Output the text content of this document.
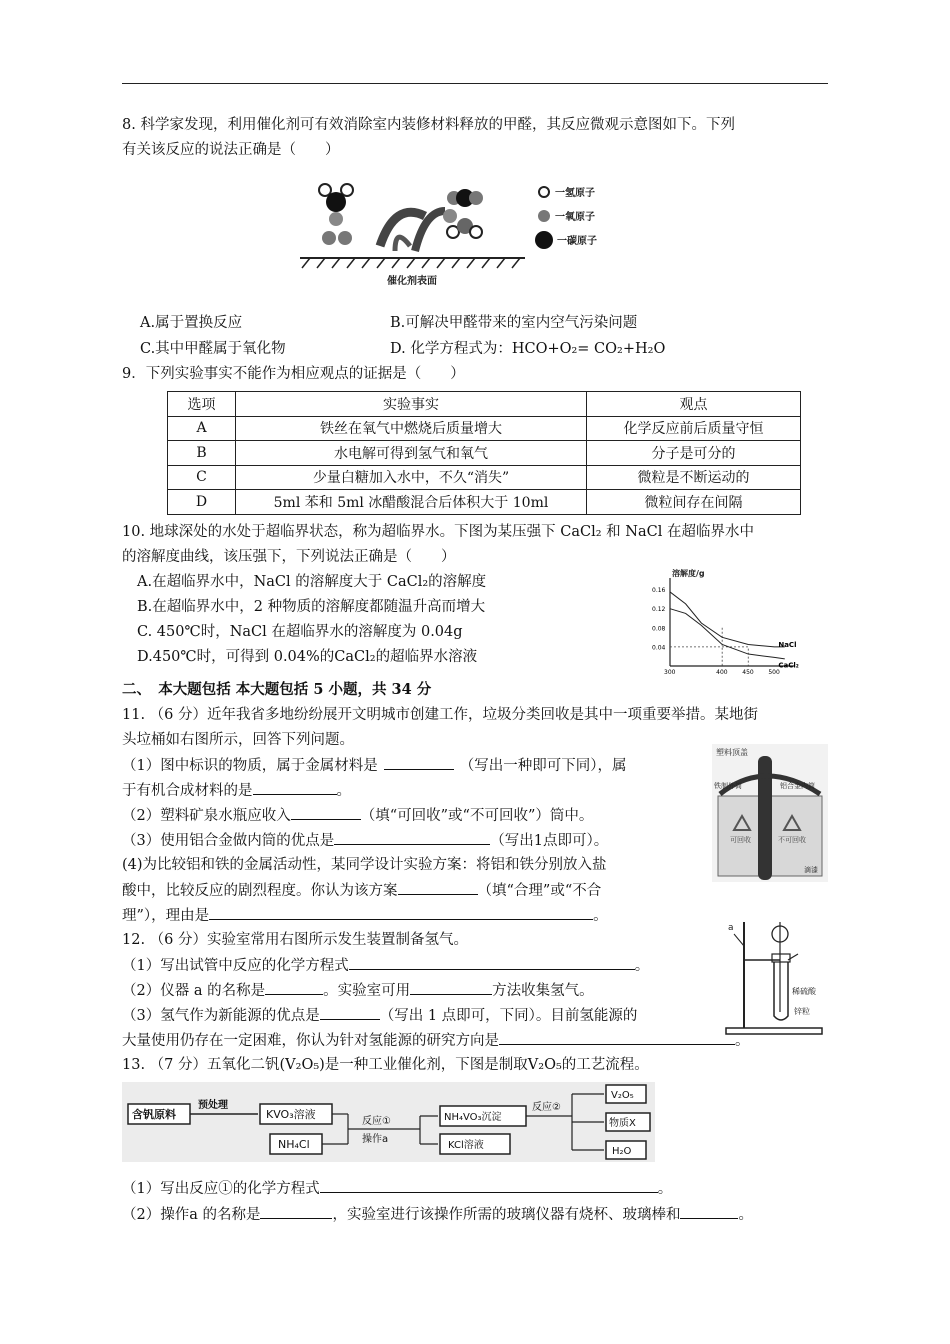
8. 科学家发现，利用催化剂可有效消除室内装修材料释放的甲醛，其反应微观示意图如下。下列
有关该反应的说法正确是（　　）
催化剂表面
一氢原子
一氧原子
一碳原子
A.属于置换反应	B.可解决甲醛带来的室内空气污染问题
C.其中甲醛属于氧化物	D. 化学方程式为：HCO+O₂= CO₂+H₂O
9．下列实验事实不能作为相应观点的证据是（　　）
选项	实验事实	观点
A	铁丝在氧气中燃烧后质量增大	化学反应前后质量守恒
B	水电解可得到氢气和氧气	分子是可分的
C	少量白糖加入水中，不久“消失”	微粒是不断运动的
D	5ml 苯和 5ml 冰醋酸混合后体积大于 10ml	微粒间存在间隔
10. 地球深处的水处于超临界状态，称为超临界水。下图为某压强下 CaCl₂ 和 NaCl 在超临界水中
的溶解度曲线，该压强下，下列说法正确是（　　）
A.在超临界水中，NaCl 的溶解度大于 CaCl₂的溶解度
B.在超临界水中，2 种物质的溶解度都随温升高而增大
C. 450℃时，NaCl 在超临界水的溶解度为 0.04g
D.450℃时，可得到 0.04%的CaCl₂的超临界水溶液
溶解度/g
0.04
0.08
0.12
0.16
300	400 450 500
NaCl
CaCl₂
二、　本大题包括 本大题包括 5 小题，共 34 分
11. （6 分）近年我省多地纷纷展开文明城市创建工作，垃圾分类回收是其中一项重要举措。某地街
头垃桶如右图所示，回答下列问题。
（1）图中标识的物质，属于金属材料是	（写出一种即可下同），属
于有机合成材料的是	。
（2）塑料矿泉水瓶应收入	（填“可回收”或“不可回收”）筒中。
（3）使用铝合金做内筒的优点是	（写出1点即可）。
(4)为比较铝和铁的金属活动性，某同学设计实验方案：将铝和铁分别放入盐
酸中，比较反应的剧烈程度。你认为该方案	（填“合理”或“不合
理”），理由是	。
塑料顶盖
铁制外筒	铝合金内筒
可回收	不可回收
滴漆
12. （6 分）实验室常用右图所示发生装置制备氢气。
（1）写出试管中反应的化学方程式	。
（2）仪器 a 的名称是	。实验室可用	方法收集氢气。
（3）氢气作为新能源的优点是	（写出 1 点即可，下同）。目前氢能源的
大量使用仍存在一定困难，你认为针对氢能源的研究方向是	。
a
稀硫酸
锌粒
13. （7 分）五氧化二钒(V₂O₅)是一种工业催化剂，下图是制取V₂O₅的工艺流程。
含钒原料
预处理
KVO₃溶液
NH₄Cl
反应①
操作a
NH₄VO₃沉淀
KCl溶液
反应②
V₂O₅
物质X
H₂O
（1）写出反应①的化学方程式	。
（2）操作a 的名称是	，实验室进行该操作所需的玻璃仪器有烧杯、玻璃棒和	。
